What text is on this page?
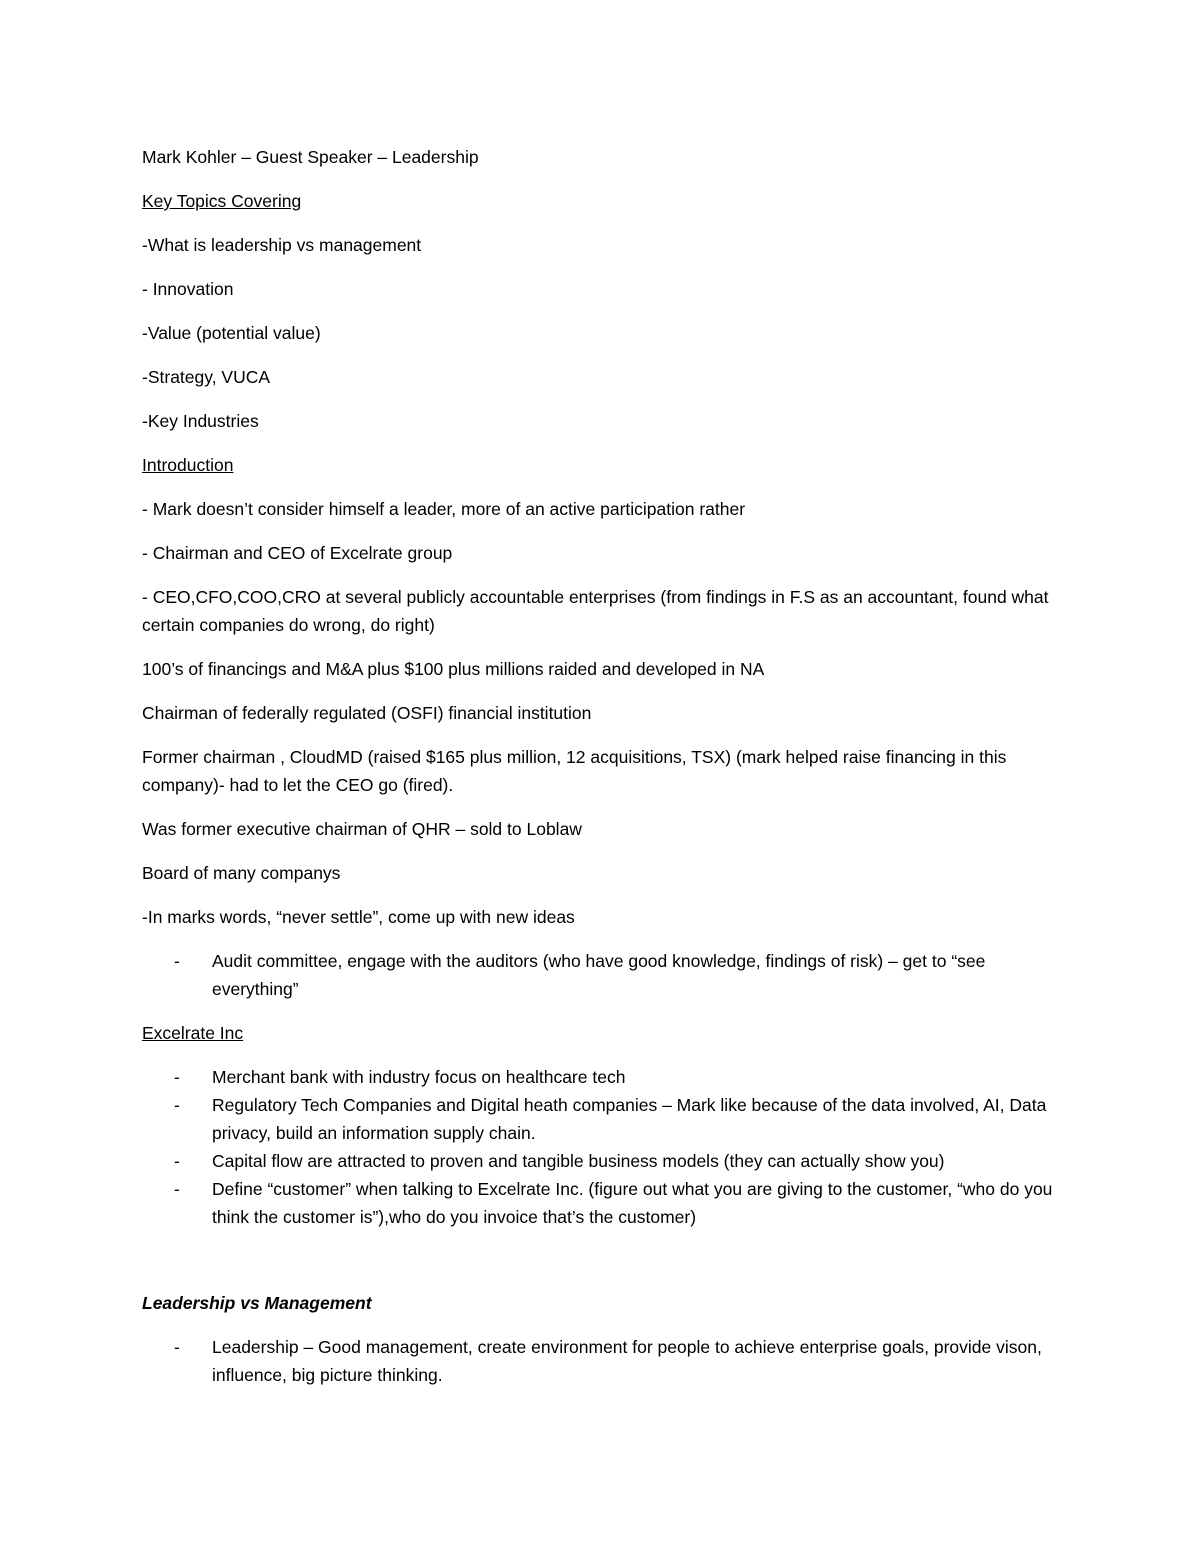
Mark Kohler – Guest Speaker – Leadership

Key Topics Covering

-What is leadership vs management

- Innovation

-Value (potential value)

-Strategy, VUCA

-Key Industries

Introduction

- Mark doesn’t consider himself a leader, more of an active participation rather

- Chairman and CEO of Excelrate group

- CEO,CFO,COO,CRO at several publicly accountable enterprises (from findings in F.S as an accountant, found what certain companies do wrong, do right)

100’s of financings and M&A plus $100 plus millions raided and developed in NA

Chairman of federally regulated (OSFI) financial institution

Former chairman , CloudMD (raised $165 plus million, 12 acquisitions, TSX) (mark helped raise financing in this company)- had to let the CEO go (fired).

Was former executive chairman of QHR – sold to Loblaw

Board of many companys

-In marks words, “never settle”, come up with new ideas

- Audit committee, engage with the auditors (who have good knowledge, findings of risk) – get to “see everything”

Excelrate Inc

- Merchant bank with industry focus on healthcare tech
- Regulatory Tech Companies and Digital heath companies – Mark like because of the data involved, AI, Data privacy, build an information supply chain.
- Capital flow are attracted to proven and tangible business models (they can actually show you)
- Define “customer” when talking to Excelrate Inc. (figure out what you are giving to the customer, “who do you think the customer is”),who do you invoice that’s the customer)

Leadership vs Management

- Leadership – Good management, create environment for people to achieve enterprise goals, provide vison, influence, big picture thinking.
